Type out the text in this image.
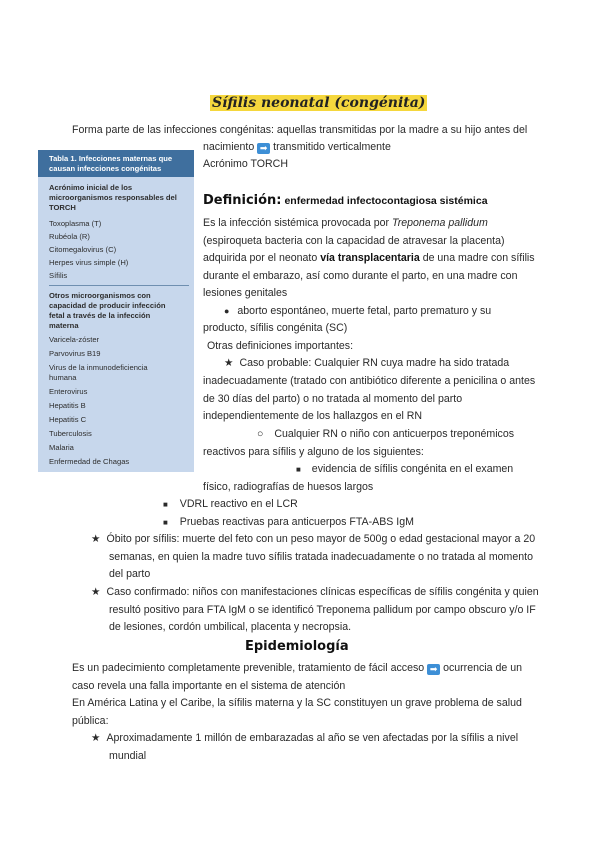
Sífilis neonatal (congénita)
Forma parte de las infecciones congénitas: aquellas transmitidas por la madre a su hijo antes del
nacimiento ➡ transmitido verticalmente
Acrónimo TORCH
Tabla 1. Infecciones maternas que
causan infecciones congénitas
Acrónimo inicial de los
microorganismos responsables del
TORCH
Toxoplasma (T)
Rubéola (R)
Citomegalovirus (C)
Herpes virus simple (H)
Sífilis
Otros microorganismos con
capacidad de producir infección
fetal a través de la infección
materna
Varicela-zóster
Parvovirus B19
Virus de la inmunodeficiencia
humana
Enterovirus
Hepatitis B
Hepatitis C
Tuberculosis
Malaria
Enfermedad de Chagas
Definición: enfermedad infectocontagiosa sistémica
Es la infección sistémica provocada por Treponema pallidum
(espiroqueta bacteria con la capacidad de atravesar la placenta)
adquirida por el neonato vía transplacentaria de una madre con sífilis
durante el embarazo, así como durante el parto, en una madre con
lesiones genitales
● aborto espontáneo, muerte fetal, parto prematuro y su
producto, sífilis congénita (SC)
Otras definiciones importantes:
★ Caso probable: Cualquier RN cuya madre ha sido tratada
inadecuadamente (tratado con antibiótico diferente a penicilina o antes
de 30 días del parto) o no tratada al momento del parto
independientemente de los hallazgos en el RN
○ Cualquier RN o niño con anticuerpos treponémicos
reactivos para sífilis y alguno de los siguientes:
■ evidencia de sífilis congénita en el examen
físico, radiografías de huesos largos
■ VDRL reactivo en el LCR
■ Pruebas reactivas para anticuerpos FTA-ABS IgM
★ Óbito por sífilis: muerte del feto con un peso mayor de 500g o edad gestacional mayor a 20
semanas, en quien la madre tuvo sífilis tratada inadecuadamente o no tratada al momento
del parto
★ Caso confirmado: niños con manifestaciones clínicas específicas de sífilis congénita y quien
resultó positivo para FTA IgM o se identificó Treponema pallidum por campo obscuro y/o IF
de lesiones, cordón umbilical, placenta y necropsia.
Epidemiología
Es un padecimiento completamente prevenible, tratamiento de fácil acceso ➡ ocurrencia de un
caso revela una falla importante en el sistema de atención
En América Latina y el Caribe, la sífilis materna y la SC constituyen un grave problema de salud
pública:
★ Aproximadamente 1 millón de embarazadas al año se ven afectadas por la sífilis a nivel
mundial
